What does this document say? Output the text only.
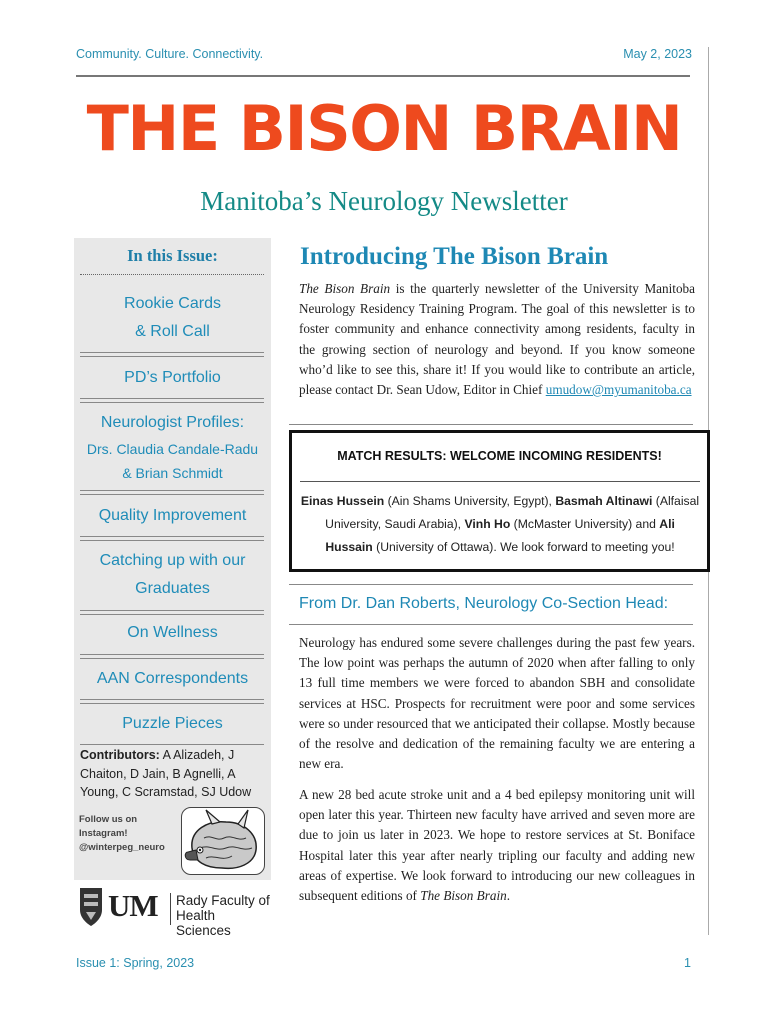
Community. Culture. Connectivity.	May 2, 2023
THE BISON BRAIN
Manitoba’s Neurology Newsletter
In this Issue:
Rookie Cards
& Roll Call
PD’s Portfolio
Neurologist Profiles:
Drs. Claudia Candale-Radu
& Brian Schmidt
Quality Improvement
Catching up with our
Graduates
On Wellness
AAN Correspondents
Puzzle Pieces
Contributors: A Alizadeh, J Chaiton, D Jain, B Agnelli, A Young, C Scramstad, SJ Udow
Follow us on
Instagram!
@winterpeg_neuro
UM Rady Faculty of
Health Sciences
Introducing The Bison Brain
The Bison Brain is the quarterly newsletter of the University Manitoba Neurology Residency Training Program. The goal of this newsletter is to foster community and enhance connectivity among residents, faculty in the growing section of neurology and beyond. If you know someone who’d like to see this, share it! If you would like to contribute an article, please contact Dr. Sean Udow, Editor in Chief umudow@myumanitoba.ca
MATCH RESULTS: WELCOME INCOMING RESIDENTS!
Einas Hussein (Ain Shams University, Egypt), Basmah Altinawi (Alfaisal University, Saudi Arabia), Vinh Ho (McMaster University) and Ali Hussain (University of Ottawa). We look forward to meeting you!
From Dr. Dan Roberts, Neurology Co-Section Head:
Neurology has endured some severe challenges during the past few years. The low point was perhaps the autumn of 2020 when after falling to only 13 full time members we were forced to abandon SBH and consolidate services at HSC. Prospects for recruitment were poor and some services were so under resourced that we anticipated their collapse. Mostly because of the resolve and dedication of the remaining faculty we are entering a new era.
A new 28 bed acute stroke unit and a 4 bed epilepsy monitoring unit will open later this year. Thirteen new faculty have arrived and seven more are due to join us later in 2023. We hope to restore services at St. Boniface Hospital later this year after nearly tripling our faculty and adding new areas of expertise. We look forward to introducing our new colleagues in subsequent editions of The Bison Brain.
Issue 1: Spring, 2023	1
